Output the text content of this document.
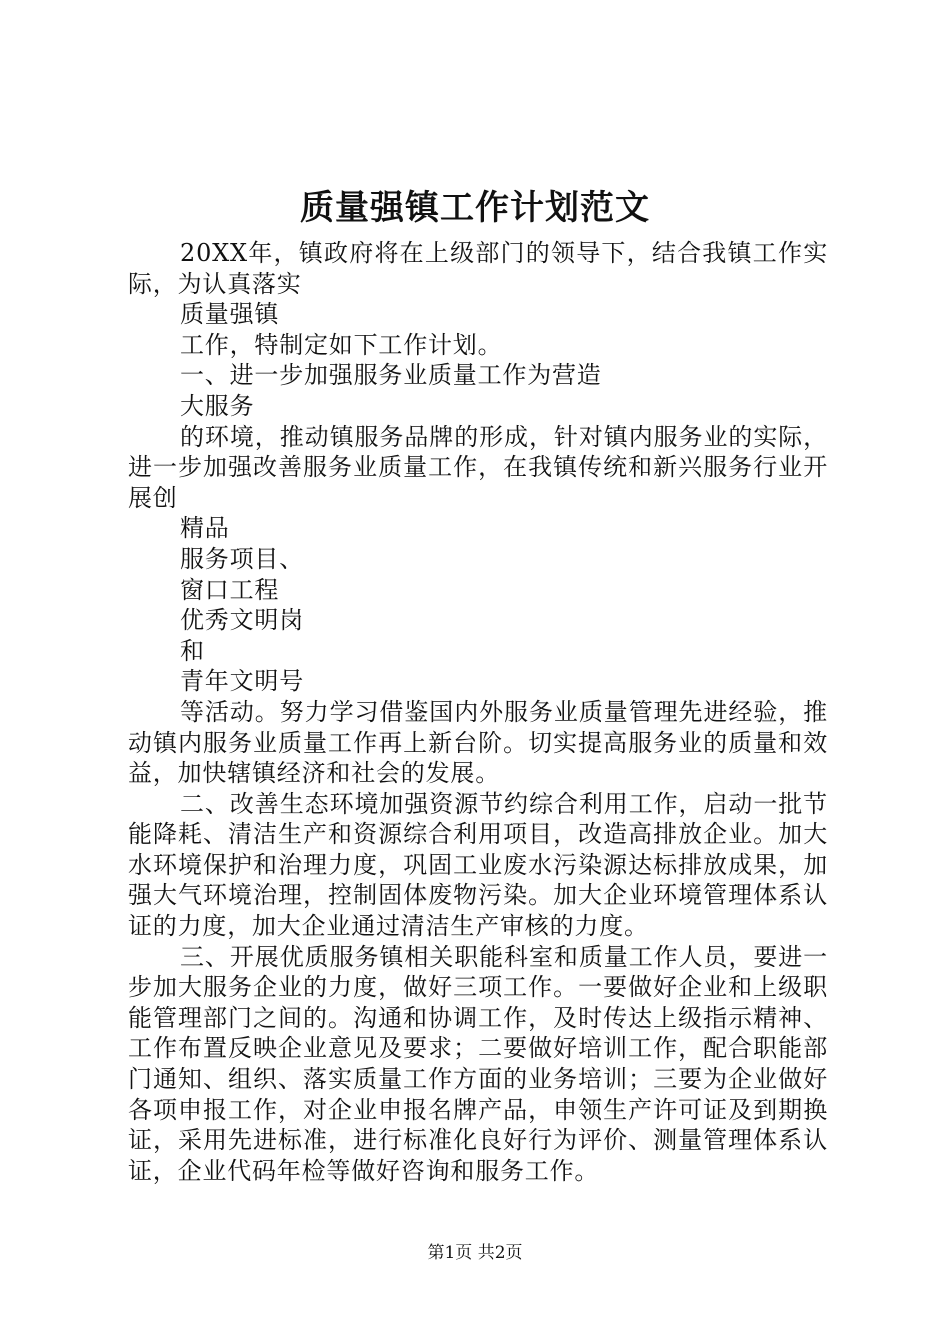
质量强镇工作计划范文

20XX年，镇政府将在上级部门的领导下，结合我镇工作实际，为认真落实

质量强镇

工作，特制定如下工作计划。

一、进一步加强服务业质量工作为营造

大服务

的环境，推动镇服务品牌的形成，针对镇内服务业的实际，进一步加强改善服务业质量工作，在我镇传统和新兴服务行业开展创

精品

服务项目、

窗口工程

优秀文明岗

和

青年文明号

等活动。努力学习借鉴国内外服务业质量管理先进经验，推动镇内服务业质量工作再上新台阶。切实提高服务业的质量和效益，加快辖镇经济和社会的发展。

二、改善生态环境加强资源节约综合利用工作，启动一批节能降耗、清洁生产和资源综合利用项目，改造高排放企业。加大水环境保护和治理力度，巩固工业废水污染源达标排放成果，加强大气环境治理，控制固体废物污染。加大企业环境管理体系认证的力度，加大企业通过清洁生产审核的力度。

三、开展优质服务镇相关职能科室和质量工作人员，要进一步加大服务企业的力度，做好三项工作。一要做好企业和上级职能管理部门之间的。沟通和协调工作，及时传达上级指示精神、工作布置反映企业意见及要求；二要做好培训工作，配合职能部门通知、组织、落实质量工作方面的业务培训；三要为企业做好各项申报工作，对企业申报名牌产品，申领生产许可证及到期换证，采用先进标准，进行标准化良好行为评价、测量管理体系认证，企业代码年检等做好咨询和服务工作。

第1页 共2页
